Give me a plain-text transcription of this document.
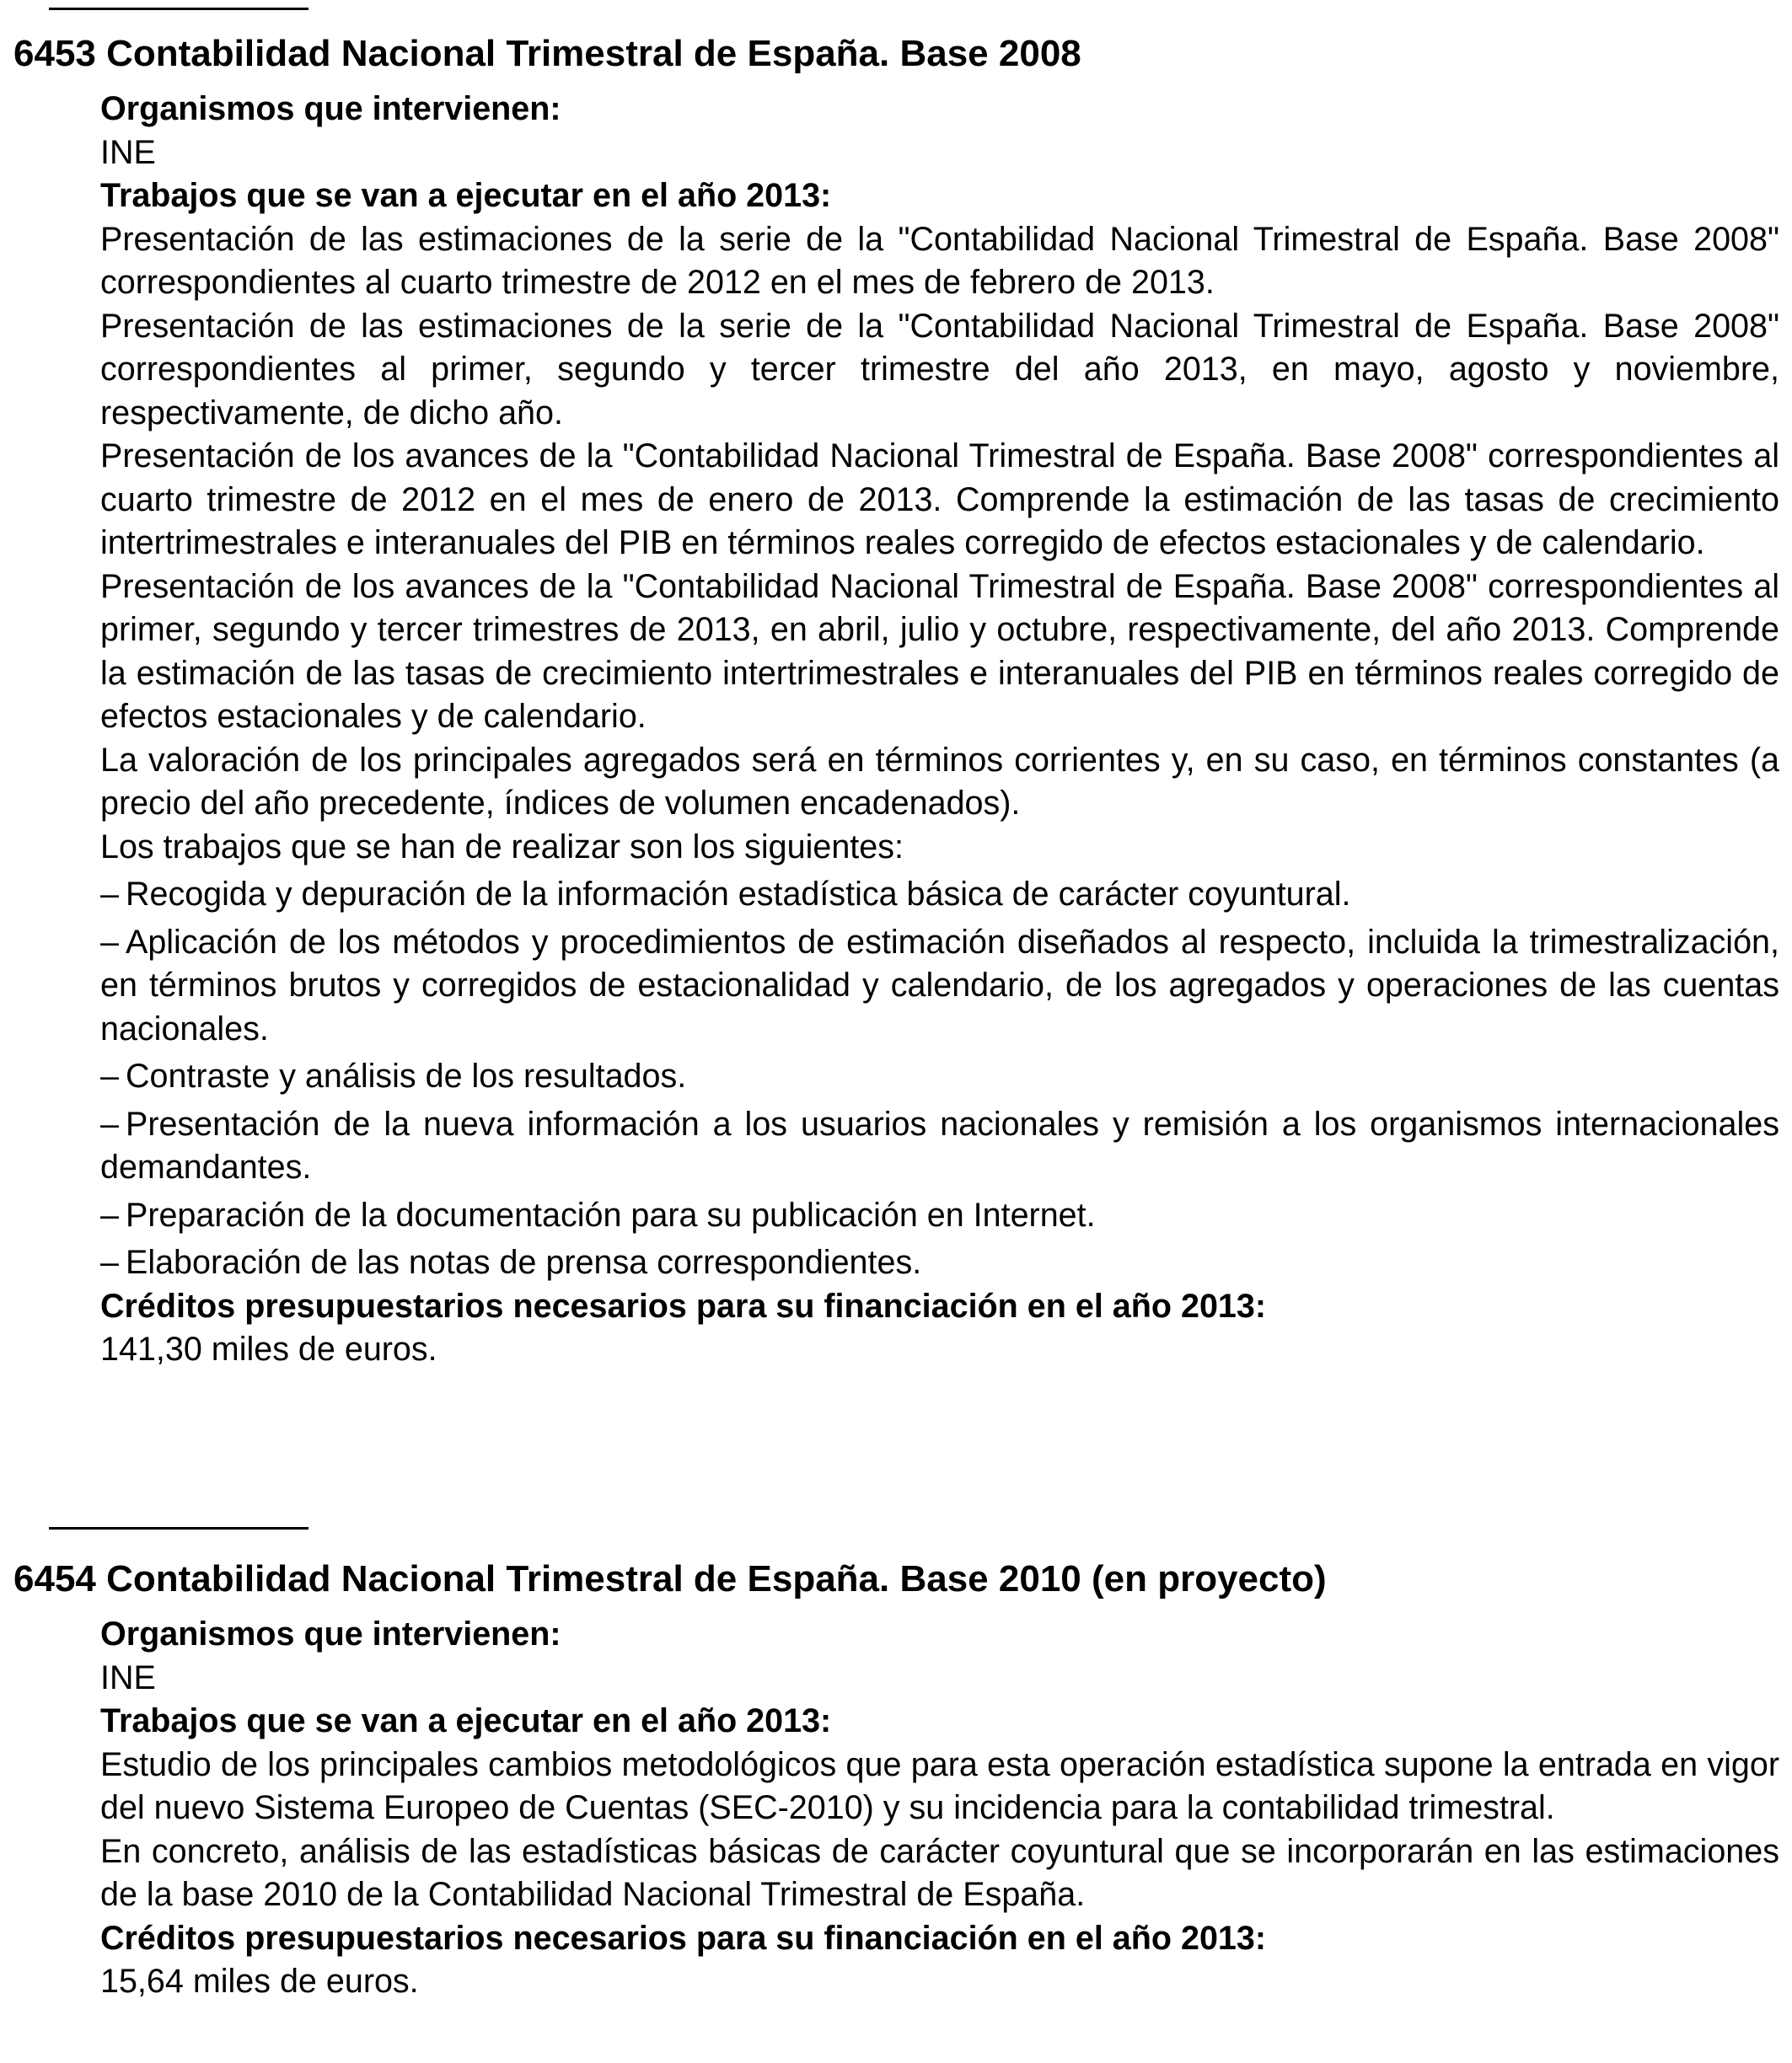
6453 Contabilidad Nacional Trimestral de España. Base 2008

Organismos que intervienen:

INE

Trabajos que se van a ejecutar en el año 2013:

Presentación de las estimaciones de la serie de la "Contabilidad Nacional Trimestral de España. Base 2008" correspondientes al cuarto trimestre de 2012 en el mes de febrero de 2013.

Presentación de las estimaciones de la serie de la "Contabilidad Nacional Trimestral de España. Base 2008" correspondientes al primer, segundo y tercer trimestre del año 2013, en mayo, agosto y noviembre, respectivamente, de dicho año.

Presentación de los avances de la "Contabilidad Nacional Trimestral de España. Base 2008" correspondientes al cuarto trimestre de 2012 en el mes de enero de 2013. Comprende la estimación de las tasas de crecimiento intertrimestrales e interanuales del PIB en términos reales corregido de efectos estacionales y de calendario.

Presentación de los avances de la "Contabilidad Nacional Trimestral de España. Base 2008" correspondientes al primer, segundo y tercer trimestres de 2013, en abril, julio y octubre, respectivamente, del año 2013. Comprende la estimación de las tasas de crecimiento intertrimestrales e interanuales del PIB en términos reales corregido de efectos estacionales y de calendario.

La valoración de los principales agregados será en términos corrientes y, en su caso, en términos constantes (a precio del año precedente, índices de volumen encadenados).

Los trabajos que se han de realizar son los siguientes:

– Recogida y depuración de la información estadística básica de carácter coyuntural.

– Aplicación de los métodos y procedimientos de estimación diseñados al respecto, incluida la trimestralización, en términos brutos y corregidos de estacionalidad y calendario, de los agregados y operaciones de las cuentas nacionales.

– Contraste y análisis de los resultados.

– Presentación de la nueva información a los usuarios nacionales y remisión a los organismos internacionales demandantes.

– Preparación de la documentación para su publicación en Internet.

– Elaboración de las notas de prensa correspondientes.

Créditos presupuestarios necesarios para su financiación en el año 2013:

141,30 miles de euros.

6454 Contabilidad Nacional Trimestral de España. Base 2010 (en proyecto)

Organismos que intervienen:

INE

Trabajos que se van a ejecutar en el año 2013:

Estudio de los principales cambios metodológicos que para esta operación estadística supone la entrada en vigor del nuevo Sistema Europeo de Cuentas (SEC-2010) y su incidencia para la contabilidad trimestral.

En concreto, análisis de las estadísticas básicas de carácter coyuntural que se incorporarán en las estimaciones de la base 2010 de la Contabilidad Nacional Trimestral de España.

Créditos presupuestarios necesarios para su financiación en el año 2013:

15,64 miles de euros.
